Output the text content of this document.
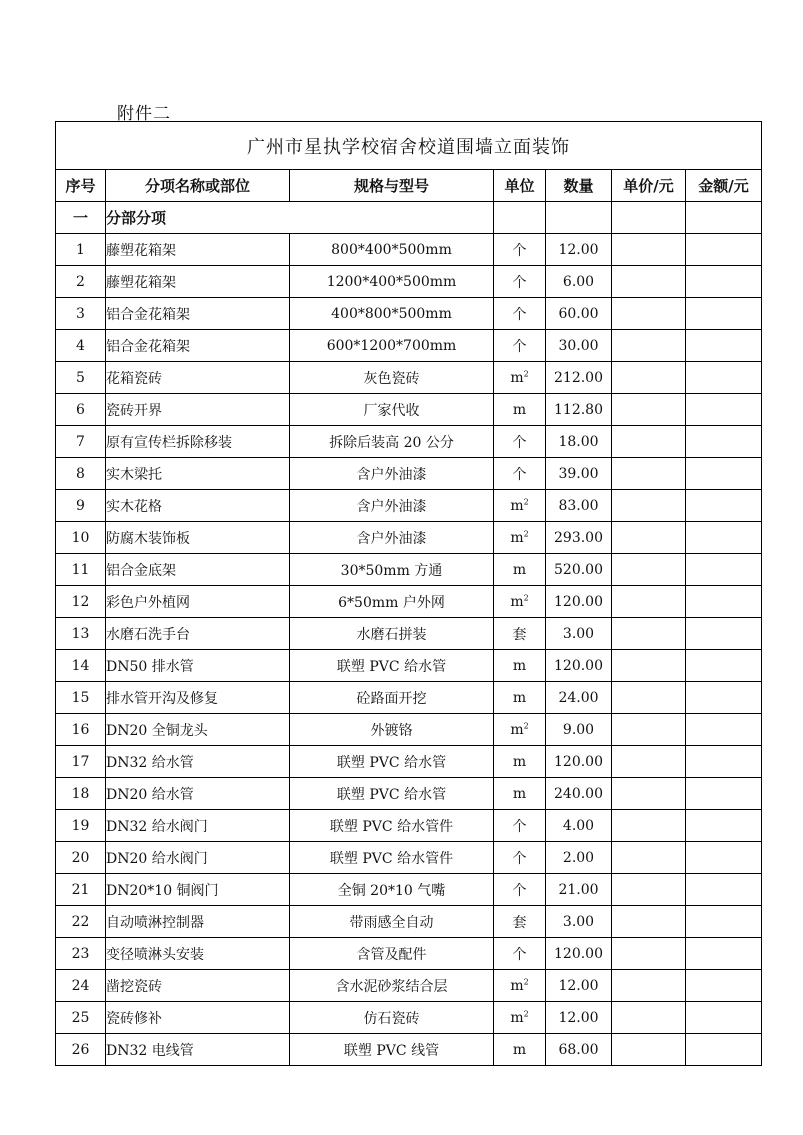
附件二
广州市星执学校宿舍校道围墙立面装饰						
序号	分项名称或部位	规格与型号	单位	数量	单价/元	金额/元
一	分部分项					
1	藤塑花箱架	800*400*500mm	个	12.00		
2	藤塑花箱架	1200*400*500mm	个	6.00		
3	铝合金花箱架	400*800*500mm	个	60.00		
4	铝合金花箱架	600*1200*700mm	个	30.00		
5	花箱瓷砖	灰色瓷砖	$m^2$	212.00		
6	瓷砖开界	厂家代收	m	112.80		
7	原有宣传栏拆除移装	拆除后装高 20 公分	个	18.00		
8	实木梁托	含户外油漆	个	39.00		
9	实木花格	含户外油漆	$m^2$	83.00		
10	防腐木装饰板	含户外油漆	$m^2$	293.00		
11	铝合金底架	30*50mm 方通	m	520.00		
12	彩色户外植网	6*50mm 户外网	$m^2$	120.00		
13	水磨石洗手台	水磨石拼装	套	3.00		
14	DN50 排水管	联塑 PVC 给水管	m	120.00		
15	排水管开沟及修复	砼路面开挖	m	24.00		
16	DN20 全铜龙头	外镀铬	$m^2$	9.00		
17	DN32 给水管	联塑 PVC 给水管	m	120.00		
18	DN20 给水管	联塑 PVC 给水管	m	240.00		
19	DN32 给水阀门	联塑 PVC 给水管件	个	4.00		
20	DN20 给水阀门	联塑 PVC 给水管件	个	2.00		
21	DN20*10 铜阀门	全铜 20*10 气嘴	个	21.00		
22	自动喷淋控制器	带雨感全自动	套	3.00		
23	变径喷淋头安装	含管及配件	个	120.00		
24	凿挖瓷砖	含水泥砂浆结合层	$m^2$	12.00		
25	瓷砖修补	仿石瓷砖	$m^2$	12.00		
26	DN32 电线管	联塑 PVC 线管	m	68.00		
